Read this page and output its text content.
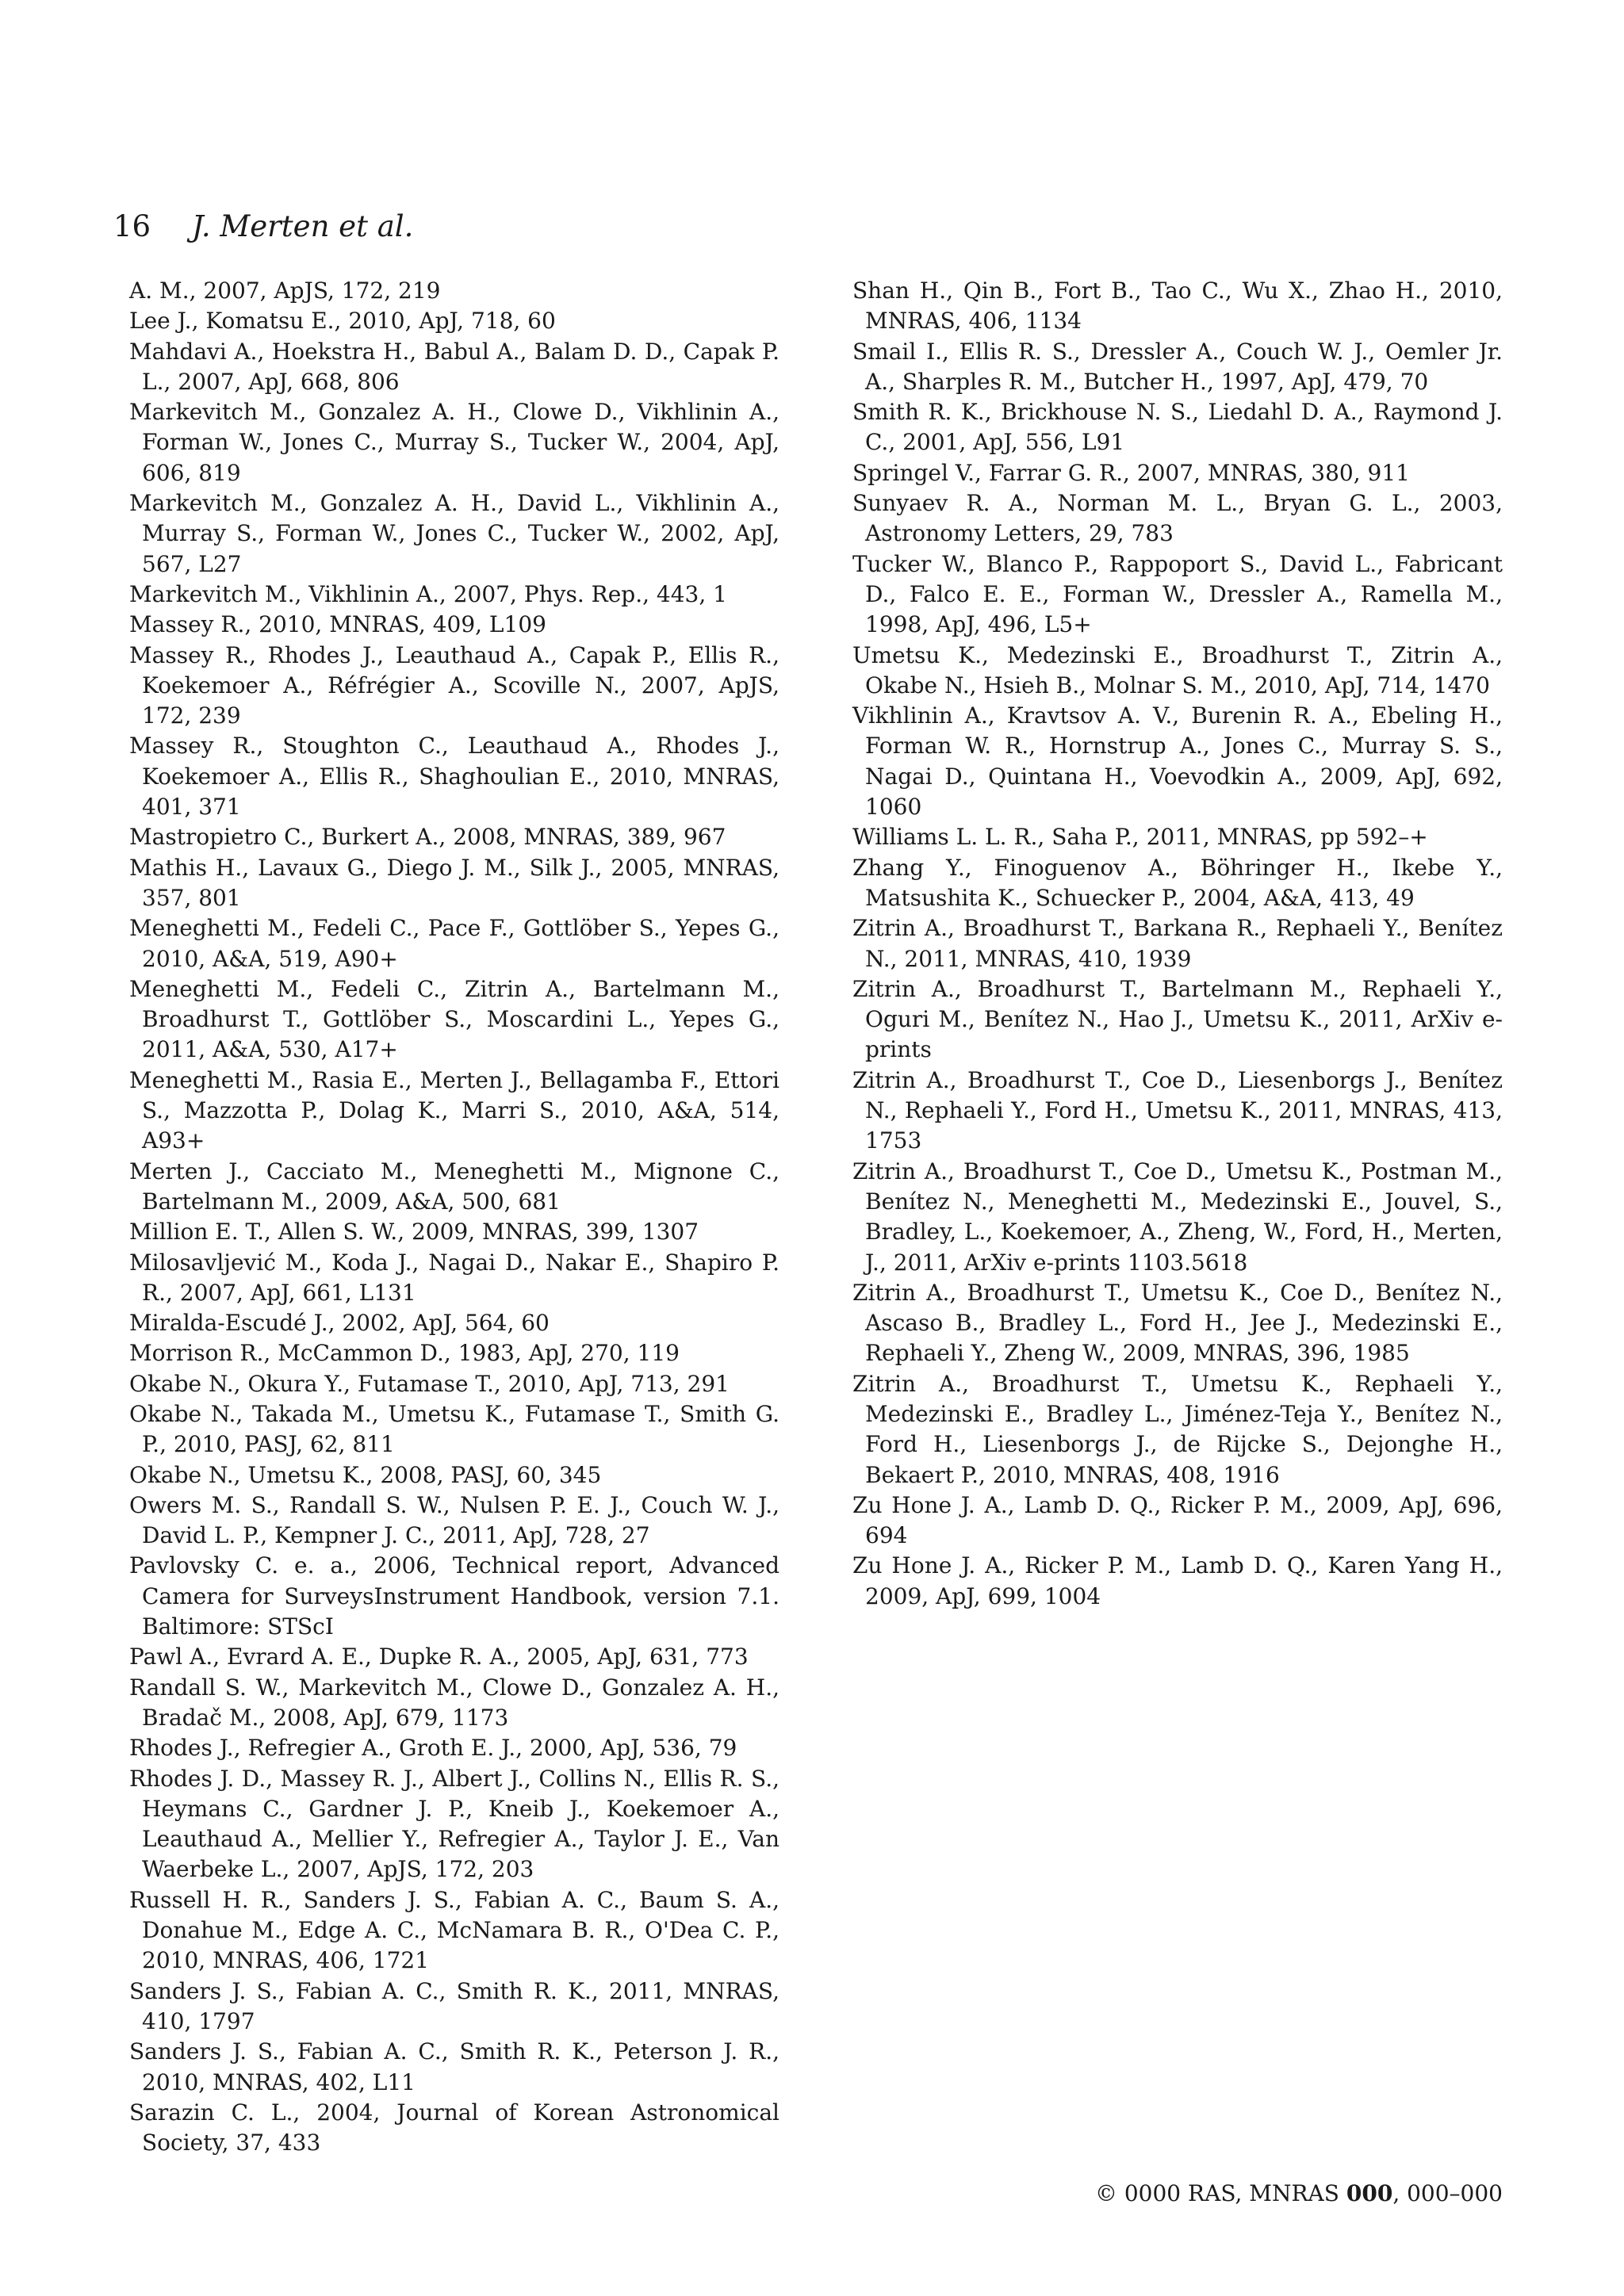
16 J. Merten et al.
A. M., 2007, ApJS, 172, 219
Lee J., Komatsu E., 2010, ApJ, 718, 60
Mahdavi A., Hoekstra H., Babul A., Balam D. D., Capak P. L., 2007, ApJ, 668, 806
Markevitch M., Gonzalez A. H., Clowe D., Vikhlinin A., Forman W., Jones C., Murray S., Tucker W., 2004, ApJ, 606, 819
Markevitch M., Gonzalez A. H., David L., Vikhlinin A., Murray S., Forman W., Jones C., Tucker W., 2002, ApJ, 567, L27
Markevitch M., Vikhlinin A., 2007, Phys. Rep., 443, 1
Massey R., 2010, MNRAS, 409, L109
Massey R., Rhodes J., Leauthaud A., Capak P., Ellis R., Koekemoer A., Réfrégier A., Scoville N., 2007, ApJS, 172, 239
Massey R., Stoughton C., Leauthaud A., Rhodes J., Koekemoer A., Ellis R., Shaghoulian E., 2010, MNRAS, 401, 371
Mastropietro C., Burkert A., 2008, MNRAS, 389, 967
Mathis H., Lavaux G., Diego J. M., Silk J., 2005, MNRAS, 357, 801
Meneghetti M., Fedeli C., Pace F., Gottlöber S., Yepes G., 2010, A&A, 519, A90+
Meneghetti M., Fedeli C., Zitrin A., Bartelmann M., Broadhurst T., Gottlöber S., Moscardini L., Yepes G., 2011, A&A, 530, A17+
Meneghetti M., Rasia E., Merten J., Bellagamba F., Ettori S., Mazzotta P., Dolag K., Marri S., 2010, A&A, 514, A93+
Merten J., Cacciato M., Meneghetti M., Mignone C., Bartelmann M., 2009, A&A, 500, 681
Million E. T., Allen S. W., 2009, MNRAS, 399, 1307
Milosavljević M., Koda J., Nagai D., Nakar E., Shapiro P. R., 2007, ApJ, 661, L131
Miralda-Escudé J., 2002, ApJ, 564, 60
Morrison R., McCammon D., 1983, ApJ, 270, 119
Okabe N., Okura Y., Futamase T., 2010, ApJ, 713, 291
Okabe N., Takada M., Umetsu K., Futamase T., Smith G. P., 2010, PASJ, 62, 811
Okabe N., Umetsu K., 2008, PASJ, 60, 345
Owers M. S., Randall S. W., Nulsen P. E. J., Couch W. J., David L. P., Kempner J. C., 2011, ApJ, 728, 27
Pavlovsky C. e. a., 2006, Technical report, Advanced Camera for SurveysInstrument Handbook, version 7.1. Baltimore: STScI
Pawl A., Evrard A. E., Dupke R. A., 2005, ApJ, 631, 773
Randall S. W., Markevitch M., Clowe D., Gonzalez A. H., Bradač M., 2008, ApJ, 679, 1173
Rhodes J., Refregier A., Groth E. J., 2000, ApJ, 536, 79
Rhodes J. D., Massey R. J., Albert J., Collins N., Ellis R. S., Heymans C., Gardner J. P., Kneib J., Koekemoer A., Leauthaud A., Mellier Y., Refregier A., Taylor J. E., Van Waerbeke L., 2007, ApJS, 172, 203
Russell H. R., Sanders J. S., Fabian A. C., Baum S. A., Donahue M., Edge A. C., McNamara B. R., O'Dea C. P., 2010, MNRAS, 406, 1721
Sanders J. S., Fabian A. C., Smith R. K., 2011, MNRAS, 410, 1797
Sanders J. S., Fabian A. C., Smith R. K., Peterson J. R., 2010, MNRAS, 402, L11
Sarazin C. L., 2004, Journal of Korean Astronomical Society, 37, 433
Shan H., Qin B., Fort B., Tao C., Wu X., Zhao H., 2010, MNRAS, 406, 1134
Smail I., Ellis R. S., Dressler A., Couch W. J., Oemler Jr. A., Sharples R. M., Butcher H., 1997, ApJ, 479, 70
Smith R. K., Brickhouse N. S., Liedahl D. A., Raymond J. C., 2001, ApJ, 556, L91
Springel V., Farrar G. R., 2007, MNRAS, 380, 911
Sunyaev R. A., Norman M. L., Bryan G. L., 2003, Astronomy Letters, 29, 783
Tucker W., Blanco P., Rappoport S., David L., Fabricant D., Falco E. E., Forman W., Dressler A., Ramella M., 1998, ApJ, 496, L5+
Umetsu K., Medezinski E., Broadhurst T., Zitrin A., Okabe N., Hsieh B., Molnar S. M., 2010, ApJ, 714, 1470
Vikhlinin A., Kravtsov A. V., Burenin R. A., Ebeling H., Forman W. R., Hornstrup A., Jones C., Murray S. S., Nagai D., Quintana H., Voevodkin A., 2009, ApJ, 692, 1060
Williams L. L. R., Saha P., 2011, MNRAS, pp 592–+
Zhang Y., Finoguenov A., Böhringer H., Ikebe Y., Matsushita K., Schuecker P., 2004, A&A, 413, 49
Zitrin A., Broadhurst T., Barkana R., Rephaeli Y., Benítez N., 2011, MNRAS, 410, 1939
Zitrin A., Broadhurst T., Bartelmann M., Rephaeli Y., Oguri M., Benítez N., Hao J., Umetsu K., 2011, ArXiv e-prints
Zitrin A., Broadhurst T., Coe D., Liesenborgs J., Benítez N., Rephaeli Y., Ford H., Umetsu K., 2011, MNRAS, 413, 1753
Zitrin A., Broadhurst T., Coe D., Umetsu K., Postman M., Benítez N., Meneghetti M., Medezinski E., Jouvel, S., Bradley, L., Koekemoer, A., Zheng, W., Ford, H., Merten, J., 2011, ArXiv e-prints 1103.5618
Zitrin A., Broadhurst T., Umetsu K., Coe D., Benítez N., Ascaso B., Bradley L., Ford H., Jee J., Medezinski E., Rephaeli Y., Zheng W., 2009, MNRAS, 396, 1985
Zitrin A., Broadhurst T., Umetsu K., Rephaeli Y., Medezinski E., Bradley L., Jiménez-Teja Y., Benítez N., Ford H., Liesenborgs J., de Rijcke S., Dejonghe H., Bekaert P., 2010, MNRAS, 408, 1916
Zu Hone J. A., Lamb D. Q., Ricker P. M., 2009, ApJ, 696, 694
Zu Hone J. A., Ricker P. M., Lamb D. Q., Karen Yang H., 2009, ApJ, 699, 1004
© 0000 RAS, MNRAS 000, 000–000
